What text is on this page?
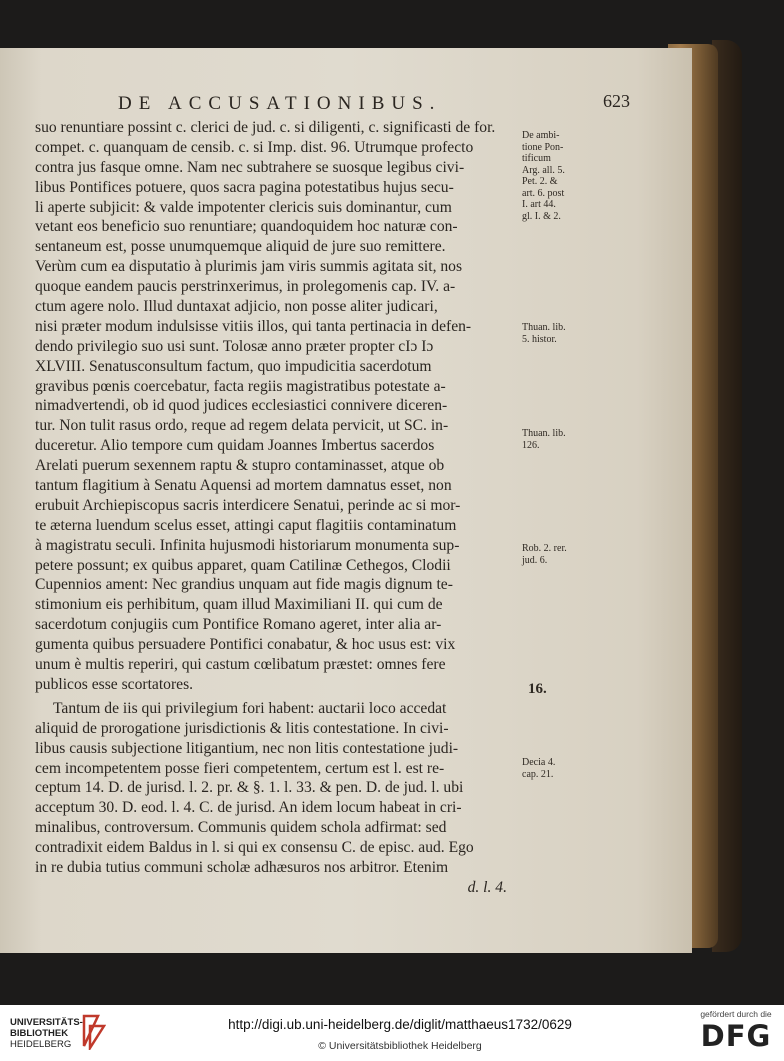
DE ACCUSATIONIBUS.	623
suo renuntiare possint c. clerici de jud. c. si diligenti, c. significasti de for.
compet. c. quanquam de censib. c. si Imp. dist. 96. Utrumque profecto
contra jus fasque omne. Nam nec subtrahere se suosque legibus civi-
libus Pontifices potuere, quos sacra pagina potestatibus hujus secu-
li aperte subjicit: & valde impotenter clericis suis dominantur, cum
vetant eos beneficio suo renuntiare; quandoquidem hoc naturæ con-
sentaneum est, posse unumquemque aliquid de jure suo remittere.
Verùm cum ea disputatio à plurimis jam viris summis agitata sit, nos
quoque eandem paucis perstrinxerimus, in prolegomenis cap. IV. a-
ctum agere nolo. Illud duntaxat adjicio, non posse aliter judicari,
nisi præter modum indulsisse vitiis illos, qui tanta pertinacia in defen-
dendo privilegio suo usi sunt. Tolosæ anno præter propter cIɔ Iɔ
XLVIII. Senatusconsultum factum, quo impudicitia sacerdotum
gravibus pœnis coercebatur, facta regiis magistratibus potestate a-
nimadvertendi, ob id quod judices ecclesiastici connivere diceren-
tur. Non tulit rasus ordo, reque ad regem delata pervicit, ut SC. in-
duceretur. Alio tempore cum quidam Joannes Imbertus sacerdos
Arelati puerum sexennem raptu & stupro contaminasset, atque ob
tantum flagitium à Senatu Aquensi ad mortem damnatus esset, non
erubuit Archiepiscopus sacris interdicere Senatui, perinde ac si mor-
te æterna luendum scelus esset, attingi caput flagitiis contaminatum
à magistratu seculi. Infinita hujusmodi historiarum monumenta sup-
petere possunt; ex quibus apparet, quam Catilinæ Cethegos, Clodii
Cupennios ament: Nec grandius unquam aut fide magis dignum te-
stimonium eis perhibitum, quam illud Maximiliani II. qui cum de
sacerdotum conjugiis cum Pontifice Romano ageret, inter alia ar-
gumenta quibus persuadere Pontifici conabatur, & hoc usus est: vix
unum è multis reperiri, qui castum cœlibatum præstet: omnes fere
publicos esse scortatores.
Tantum de iis qui privilegium fori habent: auctarii loco accedat
aliquid de prorogatione jurisdictionis & litis contestatione. In civi-
libus causis subjectione litigantium, nec non litis contestatione judi-
cem incompetentem posse fieri competentem, certum est l. est re-
ceptum 14. D. de jurisd. l. 2. pr. & §. 1. l. 33. & pen. D. de jud. l. ubi
acceptum 30. D. eod. l. 4. C. de jurisd. An idem locum habeat in cri-
minalibus, controversum. Communis quidem schola adfirmat: sed
contradixit eidem Baldus in l. si qui ex consensu C. de episc. aud. Ego
in re dubia tutius communi scholæ adhæsuros nos arbitror. Etenim
d. l. 4.
De ambi-
tione Pon-
tificum
Arg. all. 5.
Pet. 2. &
art. 6. post
I. art 44.
gl. I. & 2.
Thuan. lib.
5. histor.
Thuan. lib.
126.
Rob. 2. rer.
jud. 6.
16.
Decia 4.
cap. 21.
UNIVERSITÄTS-
BIBLIOTHEK
HEIDELBERG
http://digi.ub.uni-heidelberg.de/diglit/matthaeus1732/0629
© Universitätsbibliothek Heidelberg
gefördert durch die
DFG
